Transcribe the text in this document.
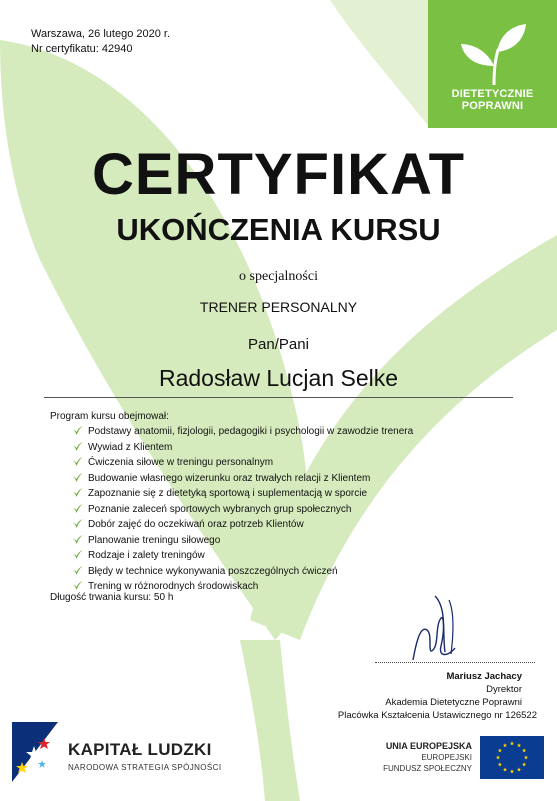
Warszawa, 26 lutego 2020 r.
Nr certyfikatu: 42940
DIETETYCZNIE
POPRAWNI
CERTYFIKAT
UKOŃCZENIA KURSU
o specjalności
TRENER PERSONALNY
Pan/Pani
Radosław Lucjan Selke
Program kursu obejmował:
Podstawy anatomii, fizjologii, pedagogiki i psychologii w zawodzie trenera
Wywiad z Klientem
Ćwiczenia siłowe w treningu personalnym
Budowanie własnego wizerunku oraz trwałych relacji z Klientem
Zapoznanie się z dietetyką sportową i suplementacją w sporcie
Poznanie zaleceń sportowych wybranych grup społecznych
Dobór zajęć do oczekiwań oraz potrzeb Klientów
Planowanie treningu siłowego
Rodzaje i zalety treningów
Błędy w technice wykonywania poszczególnych ćwiczeń
Trening w różnorodnych środowiskach
Długość trwania kursu: 50 h
Mariusz Jachacy
Dyrektor
Akademia Dietetyczne Poprawni
Placówka Kształcenia Ustawicznego nr 126522
KAPITAŁ LUDZKI
NARODOWA STRATEGIA SPÓJNOŚCI
UNIA EUROPEJSKA
EUROPEJSKI
FUNDUSZ SPOŁECZNY
